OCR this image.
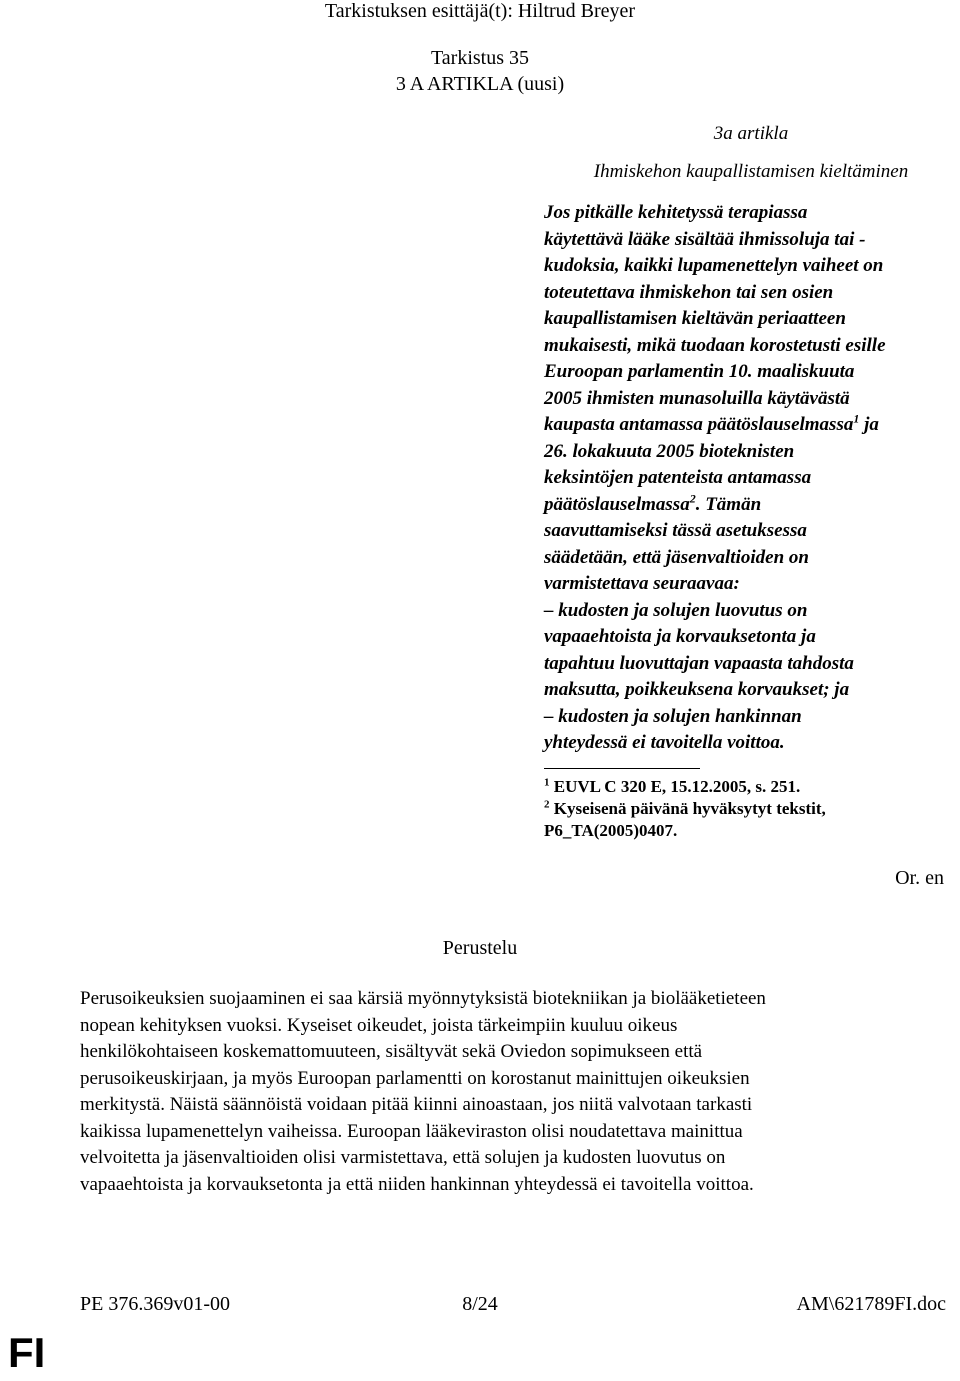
Tarkistuksen esittäjä(t): Hiltrud Breyer
Tarkistus 35
3 A ARTIKLA (uusi)
3a artikla
Ihmiskehon kaupallistamisen kieltäminen
Jos pitkälle kehitetyssä terapiassa
käytettävä lääke sisältää ihmissoluja tai -
kudoksia, kaikki lupamenettelyn vaiheet on
toteutettava ihmiskehon tai sen osien
kaupallistamisen kieltävän periaatteen
mukaisesti, mikä tuodaan korostetusti esille
Euroopan parlamentin 10. maaliskuuta
2005 ihmisten munasoluilla käytävästä
kaupasta antamassa päätöslauselmassa$^1$ ja
26. lokakuuta 2005 bioteknisten
keksintöjen patenteista antamassa
päätöslauselmassa$^2$. Tämän
saavuttamiseksi tässä asetuksessa
säädetään, että jäsenvaltioiden on
varmistettava seuraavaa:
– kudosten ja solujen luovutus on
vapaaehtoista ja korvauksetonta ja
tapahtuu luovuttajan vapaasta tahdosta
maksutta, poikkeuksena korvaukset; ja
– kudosten ja solujen hankinnan
yhteydessä ei tavoitella voittoa.
$^1$ EUVL C 320 E, 15.12.2005, s. 251.
$^2$ Kyseisenä päivänä hyväksytyt tekstit,
P6_TA(2005)0407.
Or. en
Perustelu
Perusoikeuksien suojaaminen ei saa kärsiä myönnytyksistä biotekniikan ja biolääketieteen
nopean kehityksen vuoksi. Kyseiset oikeudet, joista tärkeimpiin kuuluu oikeus
henkilökohtaiseen koskemattomuuteen, sisältyvät sekä Oviedon sopimukseen että
perusoikeuskirjaan, ja myös Euroopan parlamentti on korostanut mainittujen oikeuksien
merkitystä. Näistä säännöistä voidaan pitää kiinni ainoastaan, jos niitä valvotaan tarkasti
kaikissa lupamenettelyn vaiheissa. Euroopan lääkeviraston olisi noudatettava mainittua
velvoitetta ja jäsenvaltioiden olisi varmistettava, että solujen ja kudosten luovutus on
vapaaehtoista ja korvauksetonta ja että niiden hankinnan yhteydessä ei tavoitella voittoa.
PE 376.369v01-00	8/24	AM\621789FI.doc
FI
